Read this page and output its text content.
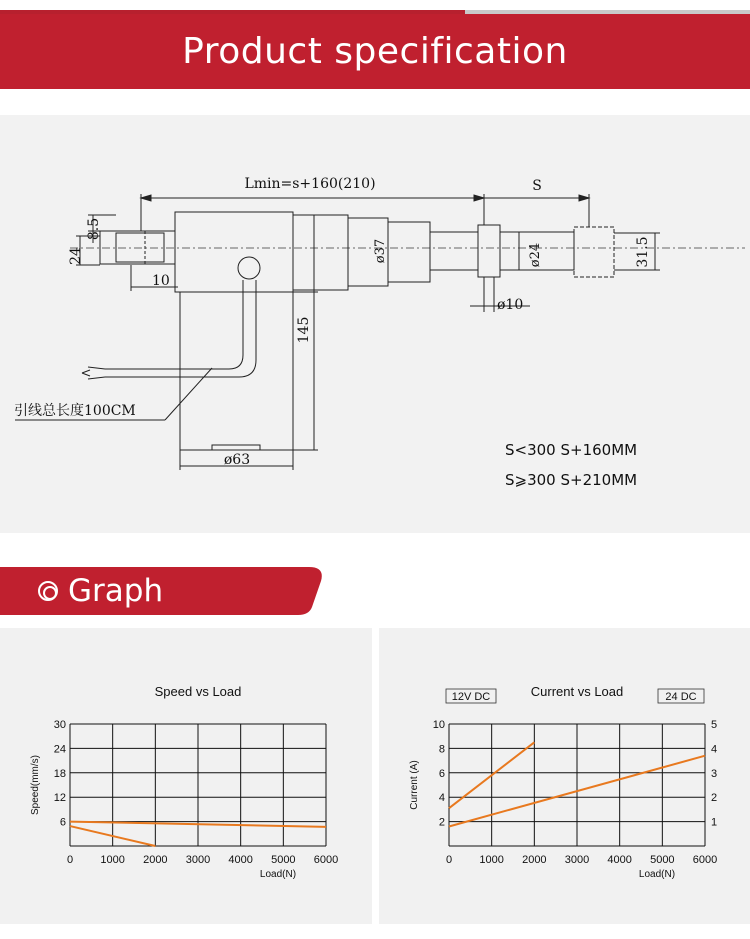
Product specification
Lmin=s+160(210)	S
8.5
24
10
ø37	ø24	31.5
ø10
145
ø63
引线总长度100CM
S<300 S+160MM
S⩾300 S+210MM
Graph
0 1000 2000 3000 4000 5000 6000
6
12
18
24
30
Speed vs Load
Load(N)
Speed(mm/s)
0 1000 2000 3000 4000 5000 6000
2
4
6
8
10
1
2
3
4
5
Current vs Load
Load(N)
Current (A)
12V DC	24 DC
